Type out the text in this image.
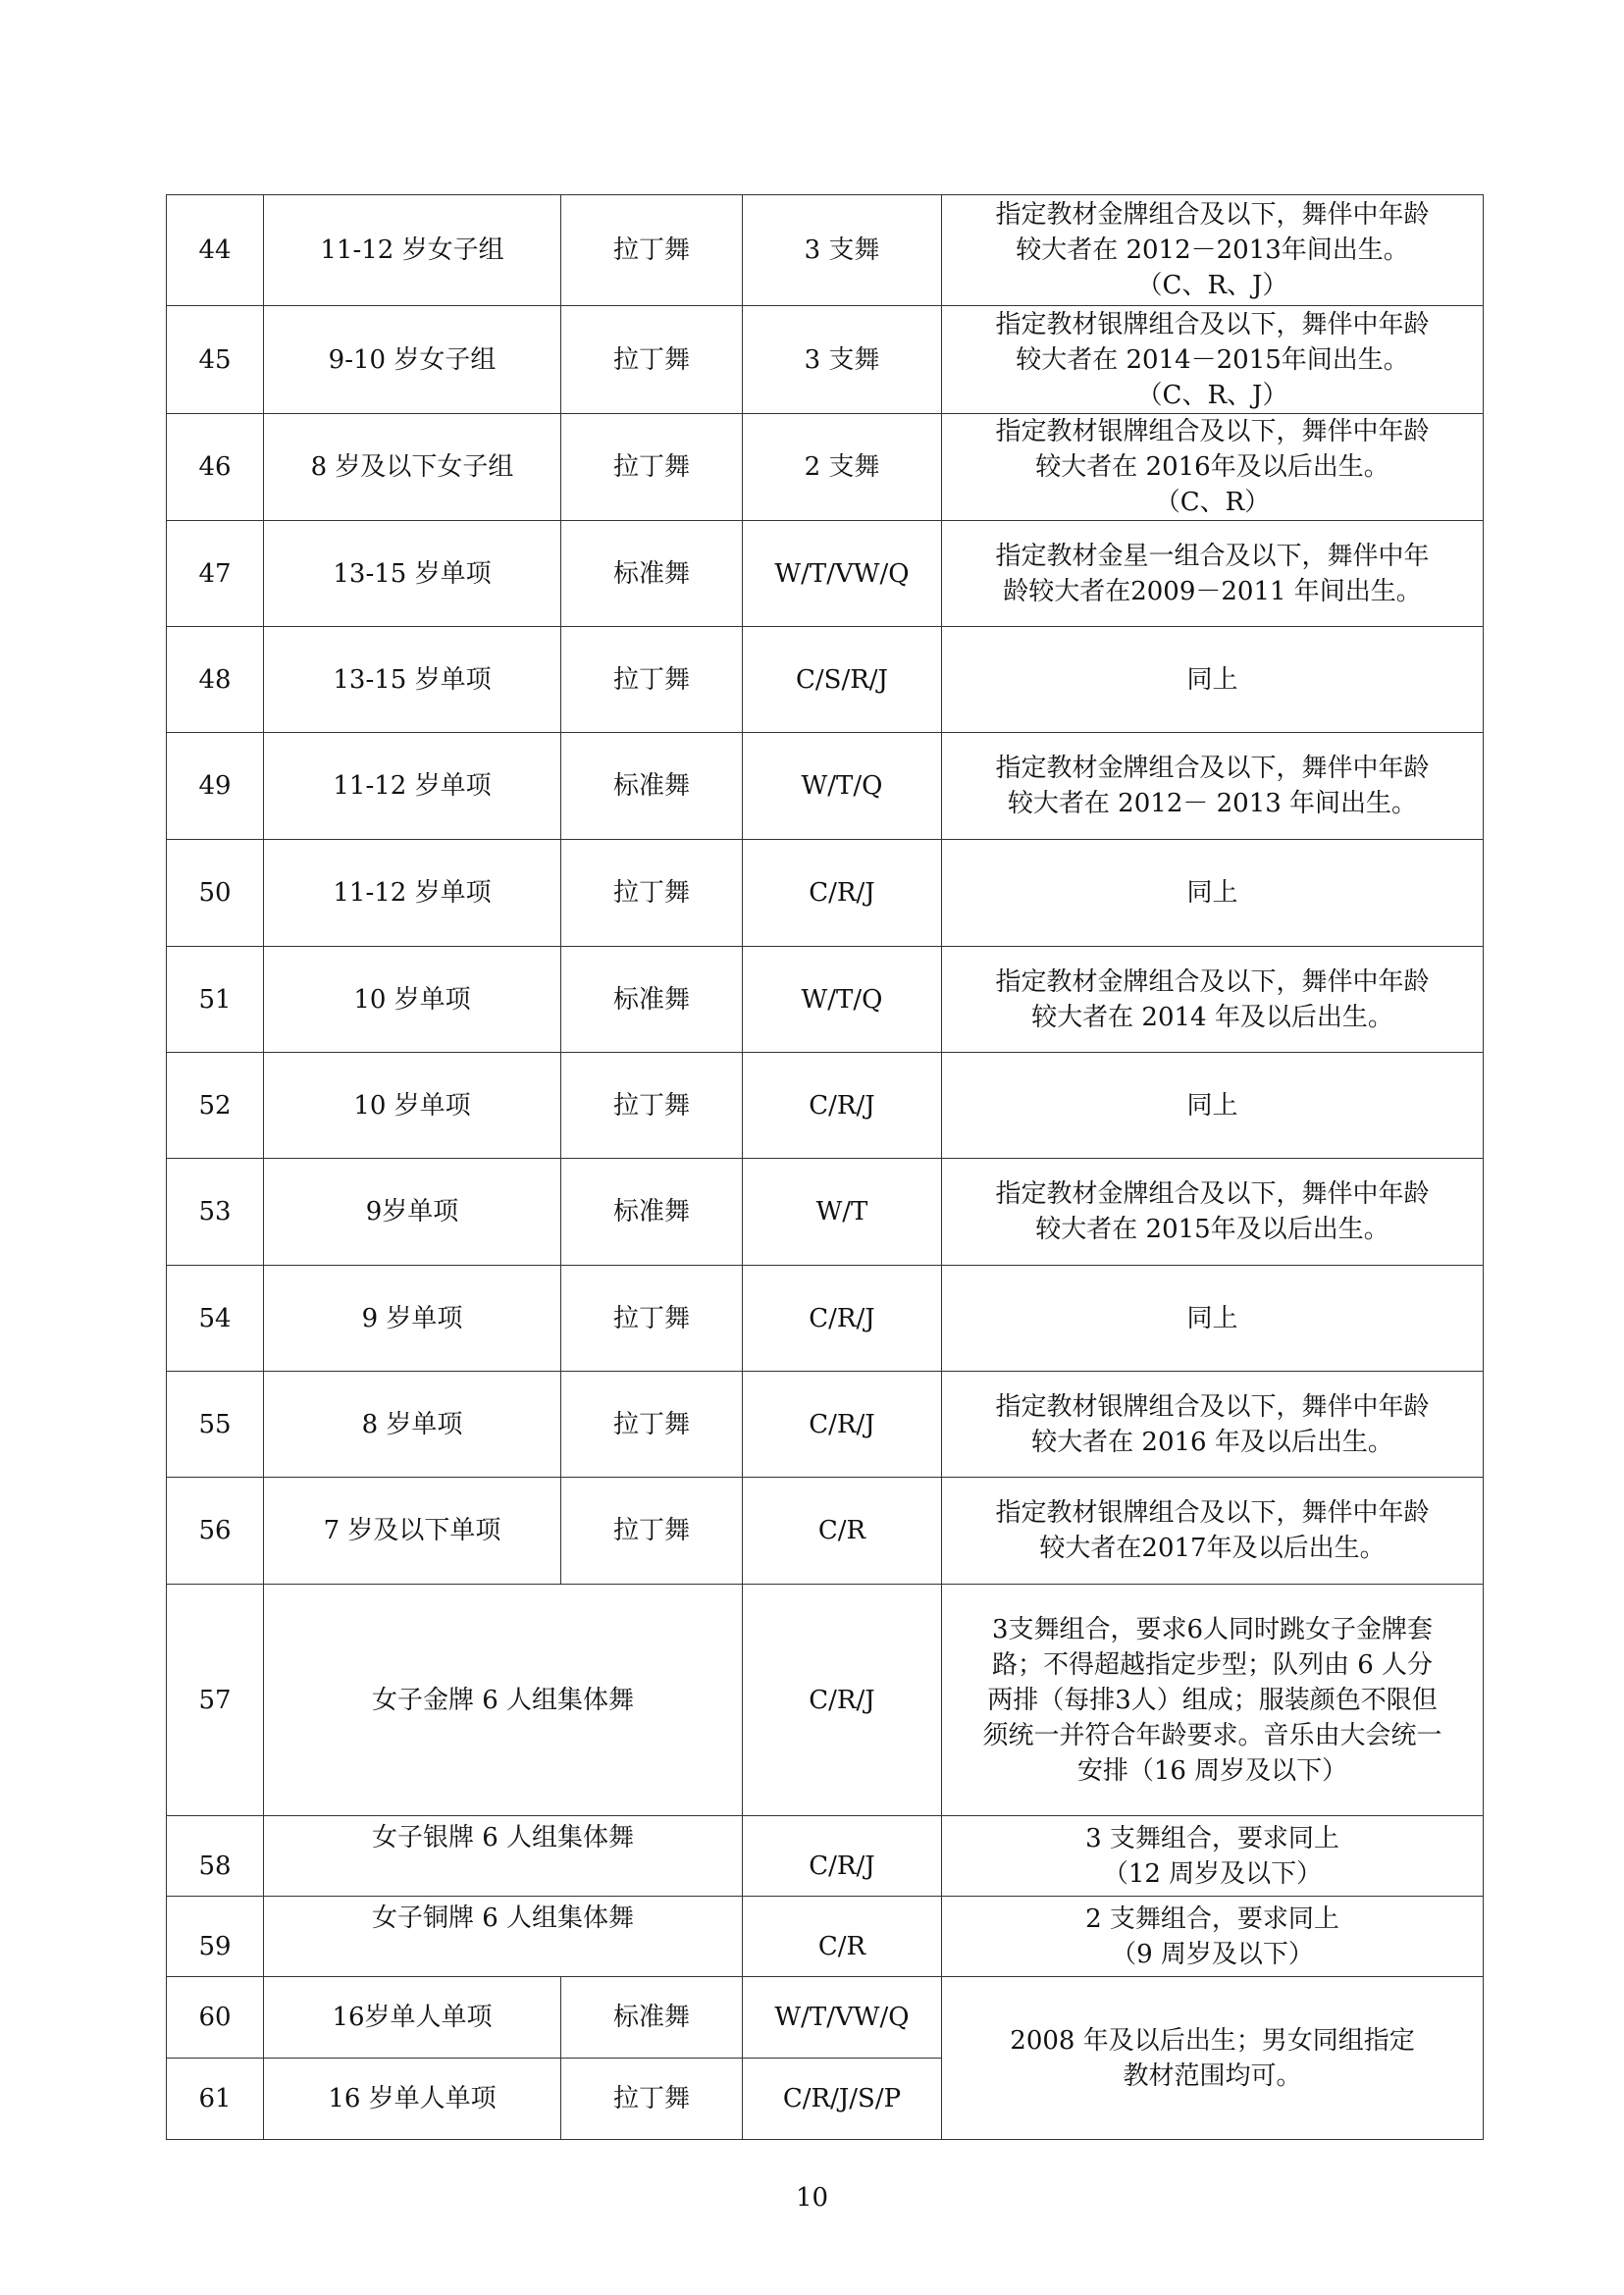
44	11-12 岁女子组	拉丁舞	3 支舞	指定教材金牌组合及以下，舞伴中年龄
较大者在 2012－2013年间出生。
（C、R、J）

45	9-10 岁女子组	拉丁舞	3 支舞	指定教材银牌组合及以下，舞伴中年龄
较大者在 2014－2015年间出生。
（C、R、J）

46	8 岁及以下女子组	拉丁舞	2 支舞	指定教材银牌组合及以下，舞伴中年龄
较大者在 2016年及以后出生。
（C、R）

47	13-15 岁单项	标准舞	W/T/VW/Q	指定教材金星一组合及以下，舞伴中年
龄较大者在2009－2011 年间出生。

48	13-15 岁单项	拉丁舞	C/S/R/J	同上

49	11-12 岁单项	标准舞	W/T/Q	指定教材金牌组合及以下，舞伴中年龄
较大者在 2012－ 2013 年间出生。

50	11-12 岁单项	拉丁舞	C/R/J	同上

51	10 岁单项	标准舞	W/T/Q	指定教材金牌组合及以下，舞伴中年龄
较大者在 2014 年及以后出生。

52	10 岁单项	拉丁舞	C/R/J	同上

53	9岁单项	标准舞	W/T	指定教材金牌组合及以下，舞伴中年龄
较大者在 2015年及以后出生。

54	9 岁单项	拉丁舞	C/R/J	同上

55	8 岁单项	拉丁舞	C/R/J	指定教材银牌组合及以下，舞伴中年龄
较大者在 2016 年及以后出生。

56	7 岁及以下单项	拉丁舞	C/R	指定教材银牌组合及以下，舞伴中年龄
较大者在2017年及以后出生。

57	女子金牌 6 人组集体舞		C/R/J	3支舞组合，要求6人同时跳女子金牌套
路；不得超越指定步型；队列由 6 人分
两排（每排3人）组成；服装颜色不限但
须统一并符合年龄要求。音乐由大会统一
安排（16 周岁及以下）

58	女子银牌 6 人组集体舞		C/R/J	3 支舞组合，要求同上
（12 周岁及以下）

59	女子铜牌 6 人组集体舞		C/R	2 支舞组合，要求同上
（9 周岁及以下）

60	16岁单人单项	标准舞	W/T/VW/Q	2008 年及以后出生；男女同组指定
教材范围均可。

61	16 岁单人单项	拉丁舞	C/R/J/S/P	
10
